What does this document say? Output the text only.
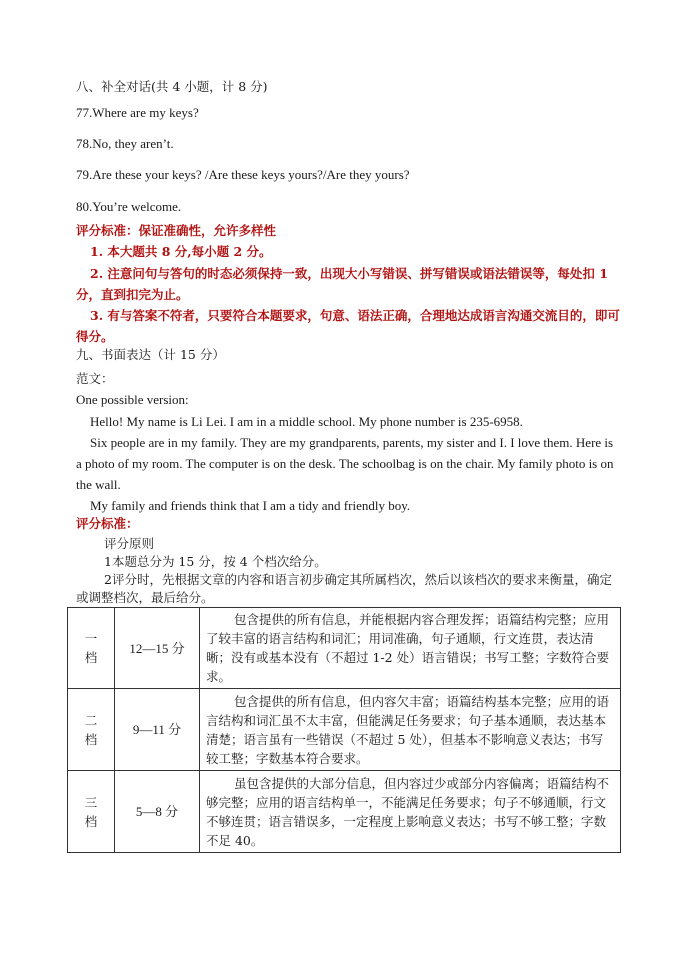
八、补全对话(共 4 小题，计 8 分)
77.Where are my keys?
78.No, they aren’t.
79.Are these your keys? /Are these keys yours?/Are they yours?
80.You’re welcome.
评分标准：保证准确性，允许多样性
1. 本大题共 8 分,每小题 2 分。
2. 注意问句与答句的时态必须保持一致，出现大小写错误、拼写错误或语法错误等，每处扣 1 分，直到扣完为止。
3. 有与答案不符者，只要符合本题要求，句意、语法正确，合理地达成语言沟通交流目的，即可得分。
九、书面表达（计 15 分）
范文：
One possible version:
Hello! My name is Li Lei. I am in a middle school. My phone number is 235-6958.
Six people are in my family. They are my grandparents, parents, my sister and I. I love them. Here is a photo of my room. The computer is on the desk. The schoolbag is on the chair. My family photo is on the wall.
My family and friends think that I am a tidy and friendly boy.
评分标准：
评分原则
1本题总分为 15 分，按 4 个档次给分。
2评分时，先根据文章的内容和语言初步确定其所属档次，然后以该档次的要求来衡量，确定或调整档次，最后给分。
一档	12—15 分	包含提供的所有信息，并能根据内容合理发挥；语篇结构完整；应用了较丰富的语言结构和词汇；用词准确，句子通顺，行文连贯，表达清晰；没有或基本没有（不超过 1-2 处）语言错误；书写工整；字数符合要求。

二档	9—11 分	包含提供的所有信息，但内容欠丰富；语篇结构基本完整；应用的语言结构和词汇虽不太丰富，但能满足任务要求；句子基本通顺，表达基本清楚；语言虽有一些错误（不超过 5 处），但基本不影响意义表达；书写较工整；字数基本符合要求。

三档	5—8 分	虽包含提供的大部分信息，但内容过少或部分内容偏离；语篇结构不够完整；应用的语言结构单一，不能满足任务要求；句子不够通顺，行文不够连贯；语言错误多，一定程度上影响意义表达；书写不够工整；字数不足 40。
